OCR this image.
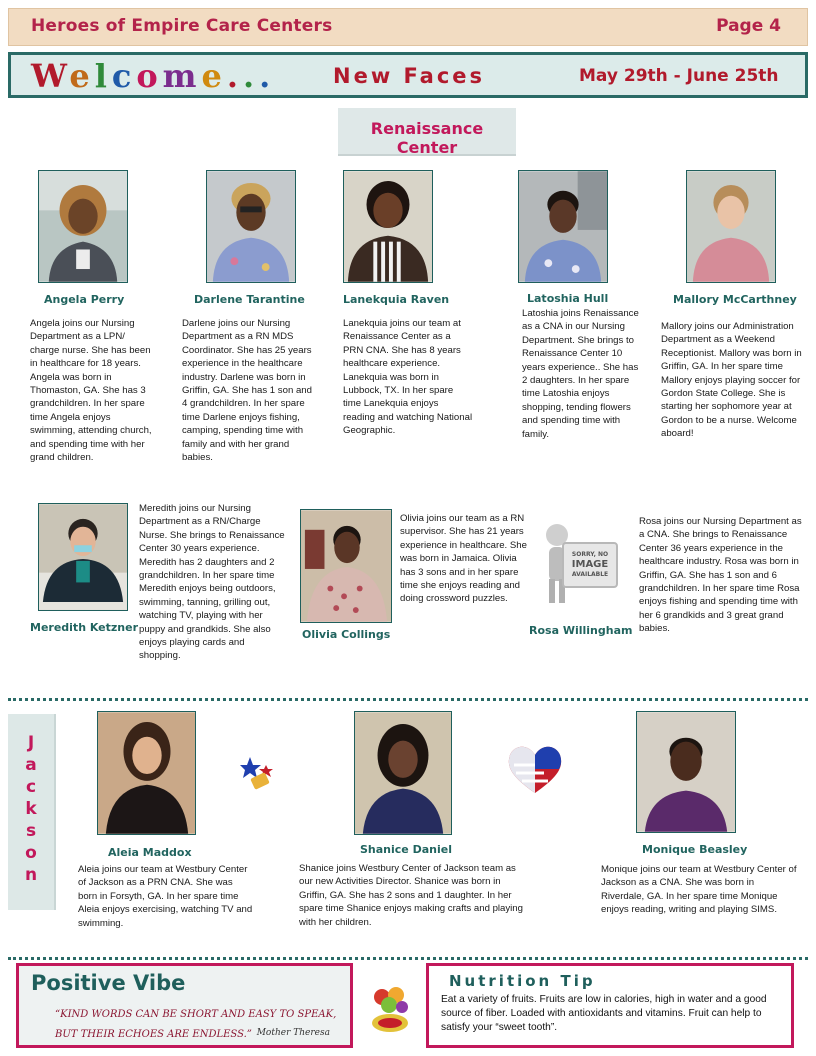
Heroes of Empire Care Centers	Page 4
Welcome...	New Faces	May 29th - June 25th
Renaissance Center
Angela Perry
Angela joins our Nursing Department as a LPN/ charge nurse. She has been in healthcare for 18 years. Angela was born in Thomaston, GA. She has 3 grandchildren. In her spare time Angela enjoys swimming, attending church, and spending time with her grand children.
Darlene Tarantine
Darlene joins our Nursing Department as a RN MDS Coordinator. She has 25 years experience in the healthcare industry. Darlene was born in Griffin, GA. She has 1 son and 4 grandchildren. In her spare time Darlene enjoys fishing, camping, spending time with family and with her grand babies.
Lanekquia Raven
Lanekquia joins our team at Renaissance Center as a PRN CNA. She has 8 years healthcare experience. Lanekquia was born in Lubbock, TX. In her spare time Lanekquia enjoys reading and watching National Geographic.
Latoshia Hull
Latoshia joins Renaissance as a CNA in our Nursing Department. She brings to Renaissance Center 10 years experience.. She has 2 daughters. In her spare time Latoshia enjoys shopping, tending flowers and spending time with family.
Mallory McCarthney
Mallory joins our Administration Department as a Weekend Receptionist. Mallory was born in Griffin, GA. In her spare time Mallory enjoys playing soccer for Gordon State College. She is starting her sophomore year at Gordon to be a nurse. Welcome aboard!
Meredith Ketzner
Meredith joins our Nursing Department as a RN/Charge Nurse. She brings to Renaissance Center 30 years experience. Meredith has 2 daughters and 2 grandchildren. In her spare time Meredith enjoys being outdoors, swimming, tanning, grilling out, watching TV, playing with her puppy and grandkids. She also enjoys playing cards and shopping.
Olivia Collings
Olivia joins our team as a RN supervisor. She has 21 years experience in healthcare. She was born in Jamaica. Olivia has 3 sons and in her spare time she enjoys reading and doing crossword puzzles.
SORRY, NO
IMAGE
AVAILABLE
Rosa Willingham
Rosa joins our Nursing Department as a CNA. She brings to Renaissance Center 36 years experience in the healthcare industry. Rosa was born in Griffin, GA. She has 1 son and 6 grandchildren. In her spare time Rosa enjoys fishing and spending time with her 6 grandkids and 3 great grand babies.
J
a
c
k
s
o
n
Aleia Maddox
Aleia joins our team at Westbury Center of Jackson as a PRN CNA. She was born in Forsyth, GA. In her spare time Aleia enjoys exercising, watching TV and swimming.
Shanice Daniel
Shanice joins Westbury Center of Jackson team as our new Activities Director. Shanice was born in Griffin, GA. She has 2 sons and 1 daughter. In her spare time Shanice enjoys making crafts and playing with her children.
Monique Beasley
Monique joins our team at Westbury Center of Jackson as a CNA. She was born in Riverdale, GA. In her spare time Monique enjoys reading, writing and playing SIMS.
Positive Vibe
“KIND WORDS CAN BE SHORT AND EASY TO SPEAK, BUT THEIR ECHOES ARE ENDLESS.” Mother Theresa
Nutrition Tip
Eat a variety of fruits. Fruits are low in calories, high in water and a good source of fiber. Loaded with antioxidants and vitamins. Fruit can help to satisfy your “sweet tooth”.
